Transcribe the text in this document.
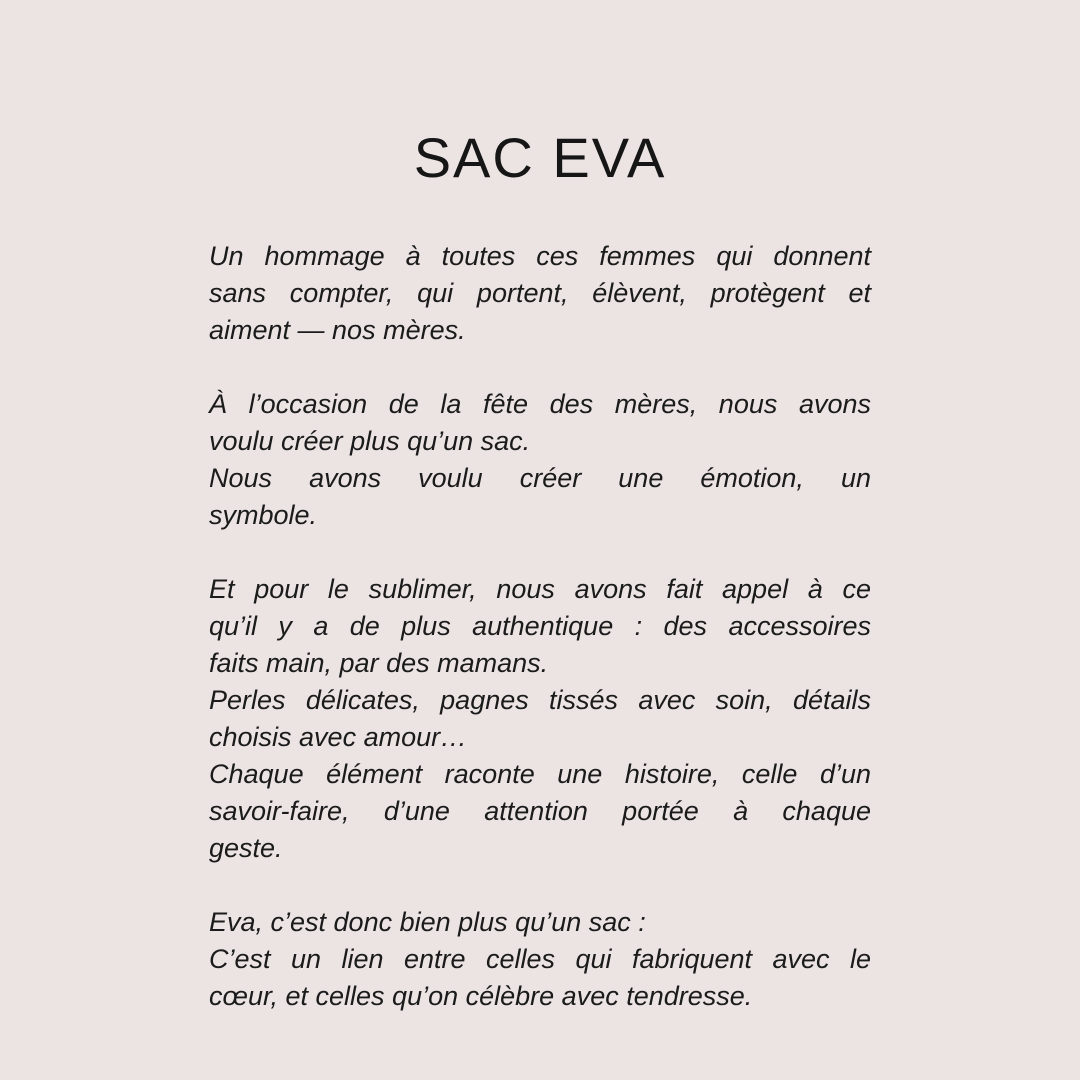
SAC EVA
Un hommage à toutes ces femmes qui donnent
sans compter, qui portent, élèvent, protègent et
aiment — nos mères.
À l’occasion de la fête des mères, nous avons
voulu créer plus qu’un sac.
Nous avons voulu créer une émotion, un
symbole.
Et pour le sublimer, nous avons fait appel à ce
qu’il y a de plus authentique : des accessoires
faits main, par des mamans.
Perles délicates, pagnes tissés avec soin, détails
choisis avec amour…
Chaque élément raconte une histoire, celle d’un
savoir-faire, d’une attention portée à chaque
geste.
Eva, c’est donc bien plus qu’un sac :
C’est un lien entre celles qui fabriquent avec le
cœur, et celles qu’on célèbre avec tendresse.
